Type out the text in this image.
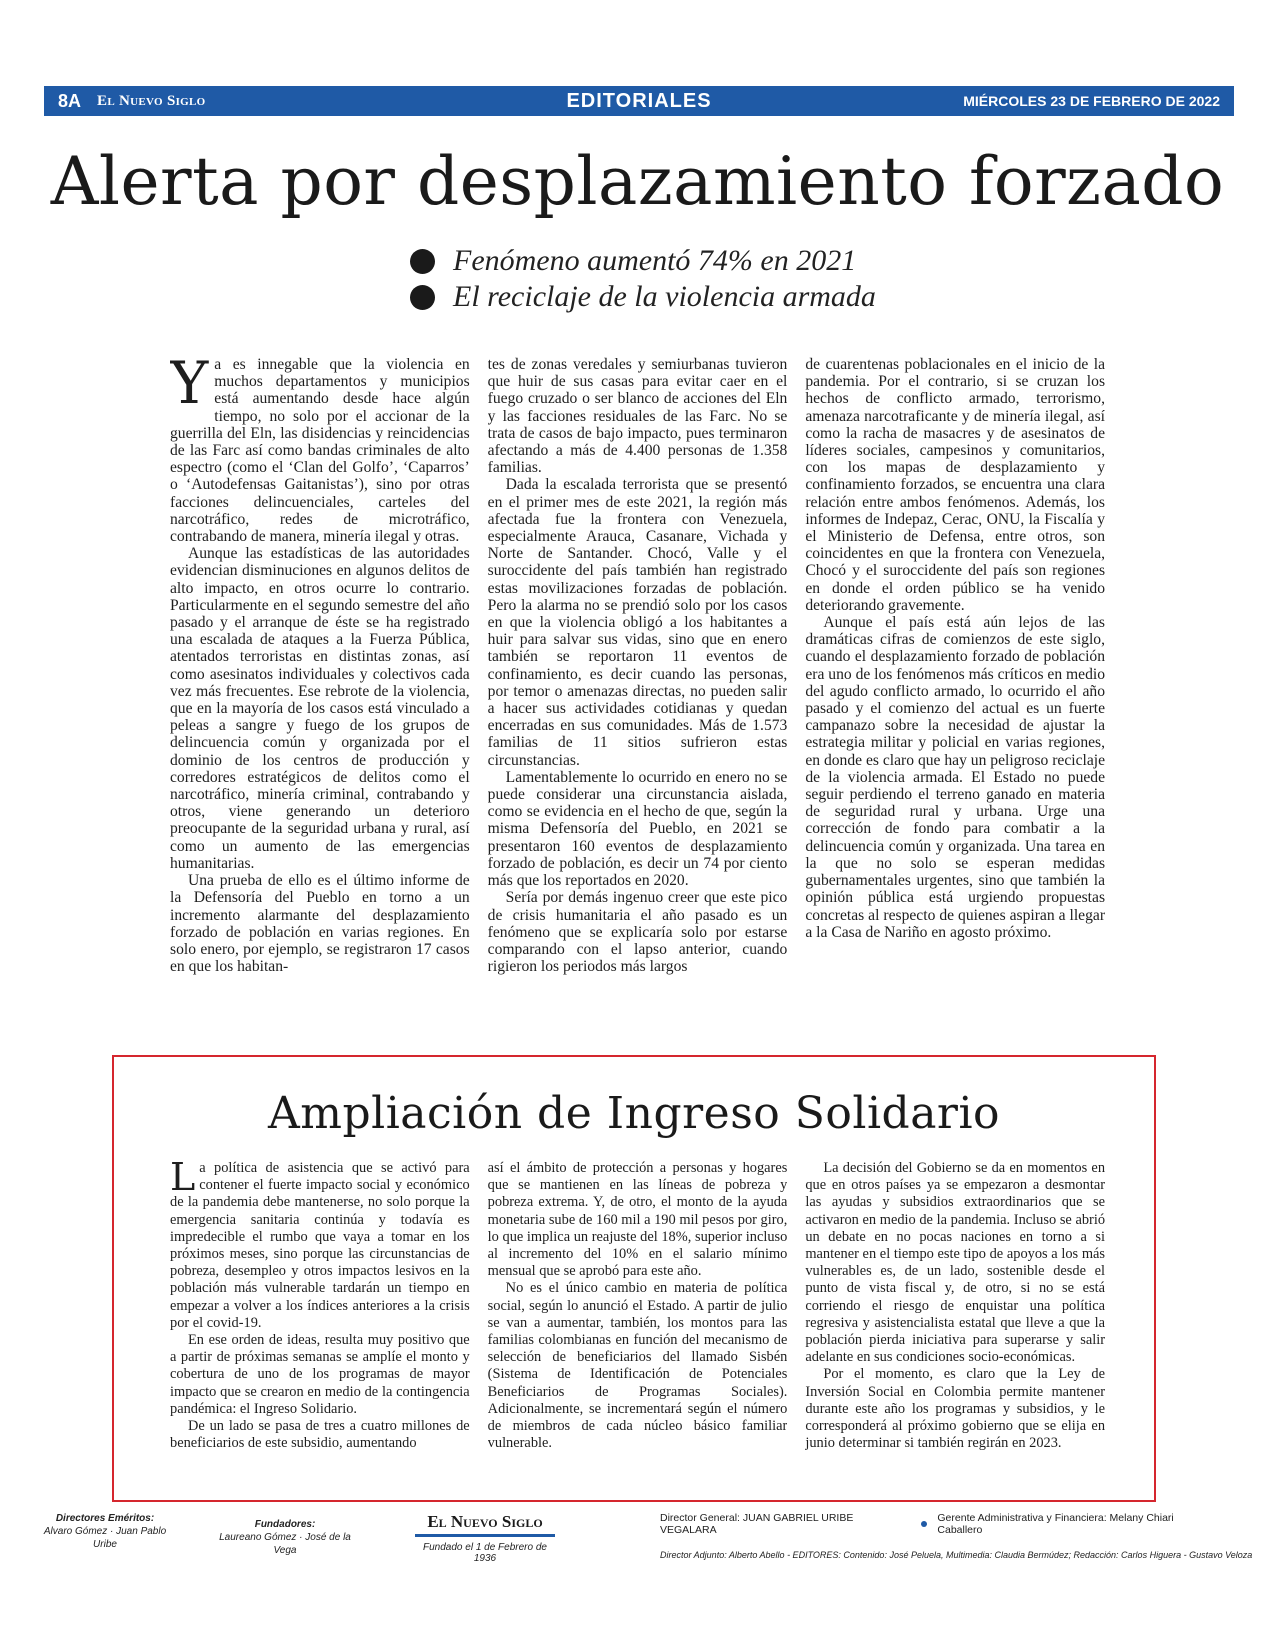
8A El Nuevo Siglo	EDITORIALES	MIÉRCOLES 23 DE FEBRERO DE 2022
Alerta por desplazamiento forzado
Fenómeno aumentó 74% en 2021
El reciclaje de la violencia armada

Ya es innegable que la violencia en muchos departamentos y municipios está aumentando desde hace algún tiempo, no solo por el accionar de la guerrilla del Eln, las disidencias y reincidencias de las Farc así como bandas criminales de alto espectro (como el ‘Clan del Golfo’, ‘Caparros’ o ‘Autodefensas Gaitanistas’), sino por otras facciones delincuenciales, carteles del narcotráfico, redes de microtráfico, contrabando de manera, minería ilegal y otras.

Aunque las estadísticas de las autoridades evidencian disminuciones en algunos delitos de alto impacto, en otros ocurre lo contrario. Particularmente en el segundo semestre del año pasado y el arranque de éste se ha registrado una escalada de ataques a la Fuerza Pública, atentados terroristas en distintas zonas, así como asesinatos individuales y colectivos cada vez más frecuentes. Ese rebrote de la violencia, que en la mayoría de los casos está vinculado a peleas a sangre y fuego de los grupos de delincuencia común y organizada por el dominio de los centros de producción y corredores estratégicos de delitos como el narcotráfico, minería criminal, contrabando y otros, viene generando un deterioro preocupante de la seguridad urbana y rural, así como un aumento de las emergencias humanitarias.

Una prueba de ello es el último informe de la Defensoría del Pueblo en torno a un incremento alarmante del desplazamiento forzado de población en varias regiones. En solo enero, por ejemplo, se registraron 17 casos en que los habitan-

tes de zonas veredales y semiurbanas tuvieron que huir de sus casas para evitar caer en el fuego cruzado o ser blanco de acciones del Eln y las facciones residuales de las Farc. No se trata de casos de bajo impacto, pues terminaron afectando a más de 4.400 personas de 1.358 familias.

Dada la escalada terrorista que se presentó en el primer mes de este 2021, la región más afectada fue la frontera con Venezuela, especialmente Arauca, Casanare, Vichada y Norte de Santander. Chocó, Valle y el suroccidente del país también han registrado estas movilizaciones forzadas de población. Pero la alarma no se prendió solo por los casos en que la violencia obligó a los habitantes a huir para salvar sus vidas, sino que en enero también se reportaron 11 eventos de confinamiento, es decir cuando las personas, por temor o amenazas directas, no pueden salir a hacer sus actividades cotidianas y quedan encerradas en sus comunidades. Más de 1.573 familias de 11 sitios sufrieron estas circunstancias.

Lamentablemente lo ocurrido en enero no se puede considerar una circunstancia aislada, como se evidencia en el hecho de que, según la misma Defensoría del Pueblo, en 2021 se presentaron 160 eventos de desplazamiento forzado de población, es decir un 74 por ciento más que los reportados en 2020.

Sería por demás ingenuo creer que este pico de crisis humanitaria el año pasado es un fenómeno que se explicaría solo por estarse comparando con el lapso anterior, cuando rigieron los periodos más largos

de cuarentenas poblacionales en el inicio de la pandemia. Por el contrario, si se cruzan los hechos de conflicto armado, terrorismo, amenaza narcotraficante y de minería ilegal, así como la racha de masacres y de asesinatos de líderes sociales, campesinos y comunitarios, con los mapas de desplazamiento y confinamiento forzados, se encuentra una clara relación entre ambos fenómenos. Además, los informes de Indepaz, Cerac, ONU, la Fiscalía y el Ministerio de Defensa, entre otros, son coincidentes en que la frontera con Venezuela, Chocó y el suroccidente del país son regiones en donde el orden público se ha venido deteriorando gravemente.

Aunque el país está aún lejos de las dramáticas cifras de comienzos de este siglo, cuando el desplazamiento forzado de población era uno de los fenómenos más críticos en medio del agudo conflicto armado, lo ocurrido el año pasado y el comienzo del actual es un fuerte campanazo sobre la necesidad de ajustar la estrategia militar y policial en varias regiones, en donde es claro que hay un peligroso reciclaje de la violencia armada. El Estado no puede seguir perdiendo el terreno ganado en materia de seguridad rural y urbana. Urge una corrección de fondo para combatir a la delincuencia común y organizada. Una tarea en la que no solo se esperan medidas gubernamentales urgentes, sino que también la opinión pública está urgiendo propuestas concretas al respecto de quienes aspiran a llegar a la Casa de Nariño en agosto próximo.

Ampliación de Ingreso Solidario

La política de asistencia que se activó para contener el fuerte impacto social y económico de la pandemia debe mantenerse, no solo porque la emergencia sanitaria continúa y todavía es impredecible el rumbo que vaya a tomar en los próximos meses, sino porque las circunstancias de pobreza, desempleo y otros impactos lesivos en la población más vulnerable tardarán un tiempo en empezar a volver a los índices anteriores a la crisis por el covid-19.

En ese orden de ideas, resulta muy positivo que a partir de próximas semanas se amplíe el monto y cobertura de uno de los programas de mayor impacto que se crearon en medio de la contingencia pandémica: el Ingreso Solidario.

De un lado se pasa de tres a cuatro millones de beneficiarios de este subsidio, aumentando

así el ámbito de protección a personas y hogares que se mantienen en las líneas de pobreza y pobreza extrema. Y, de otro, el monto de la ayuda monetaria sube de 160 mil a 190 mil pesos por giro, lo que implica un reajuste del 18%, superior incluso al incremento del 10% en el salario mínimo mensual que se aprobó para este año.

No es el único cambio en materia de política social, según lo anunció el Estado. A partir de julio se van a aumentar, también, los montos para las familias colombianas en función del mecanismo de selección de beneficiarios del llamado Sisbén (Sistema de Identificación de Potenciales Beneficiarios de Programas Sociales). Adicionalmente, se incrementará según el número de miembros de cada núcleo básico familiar vulnerable.

La decisión del Gobierno se da en momentos en que en otros países ya se empezaron a desmontar las ayudas y subsidios extraordinarios que se activaron en medio de la pandemia. Incluso se abrió un debate en no pocas naciones en torno a si mantener en el tiempo este tipo de apoyos a los más vulnerables es, de un lado, sostenible desde el punto de vista fiscal y, de otro, si no se está corriendo el riesgo de enquistar una política regresiva y asistencialista estatal que lleve a que la población pierda iniciativa para superarse y salir adelante en sus condiciones socio-económicas.

Por el momento, es claro que la Ley de Inversión Social en Colombia permite mantener durante este año los programas y subsidios, y le corresponderá al próximo gobierno que se elija en junio determinar si también regirán en 2023.

Directores Eméritos:
Alvaro Gómez · Juan Pablo Uribe
Fundadores:
Laureano Gómez · José de la Vega
El Nuevo Siglo
Fundado el 1 de Febrero de 1936
Director General: JUAN GABRIEL URIBE VEGALARA
Gerente Administrativa y Financiera: Melany Chiari Caballero
Director Adjunto: Alberto Abello - EDITORES: Contenido: José Peluela, Multimedia: Claudia Bermúdez; Redacción: Carlos Higuera - Gustavo Veloza
